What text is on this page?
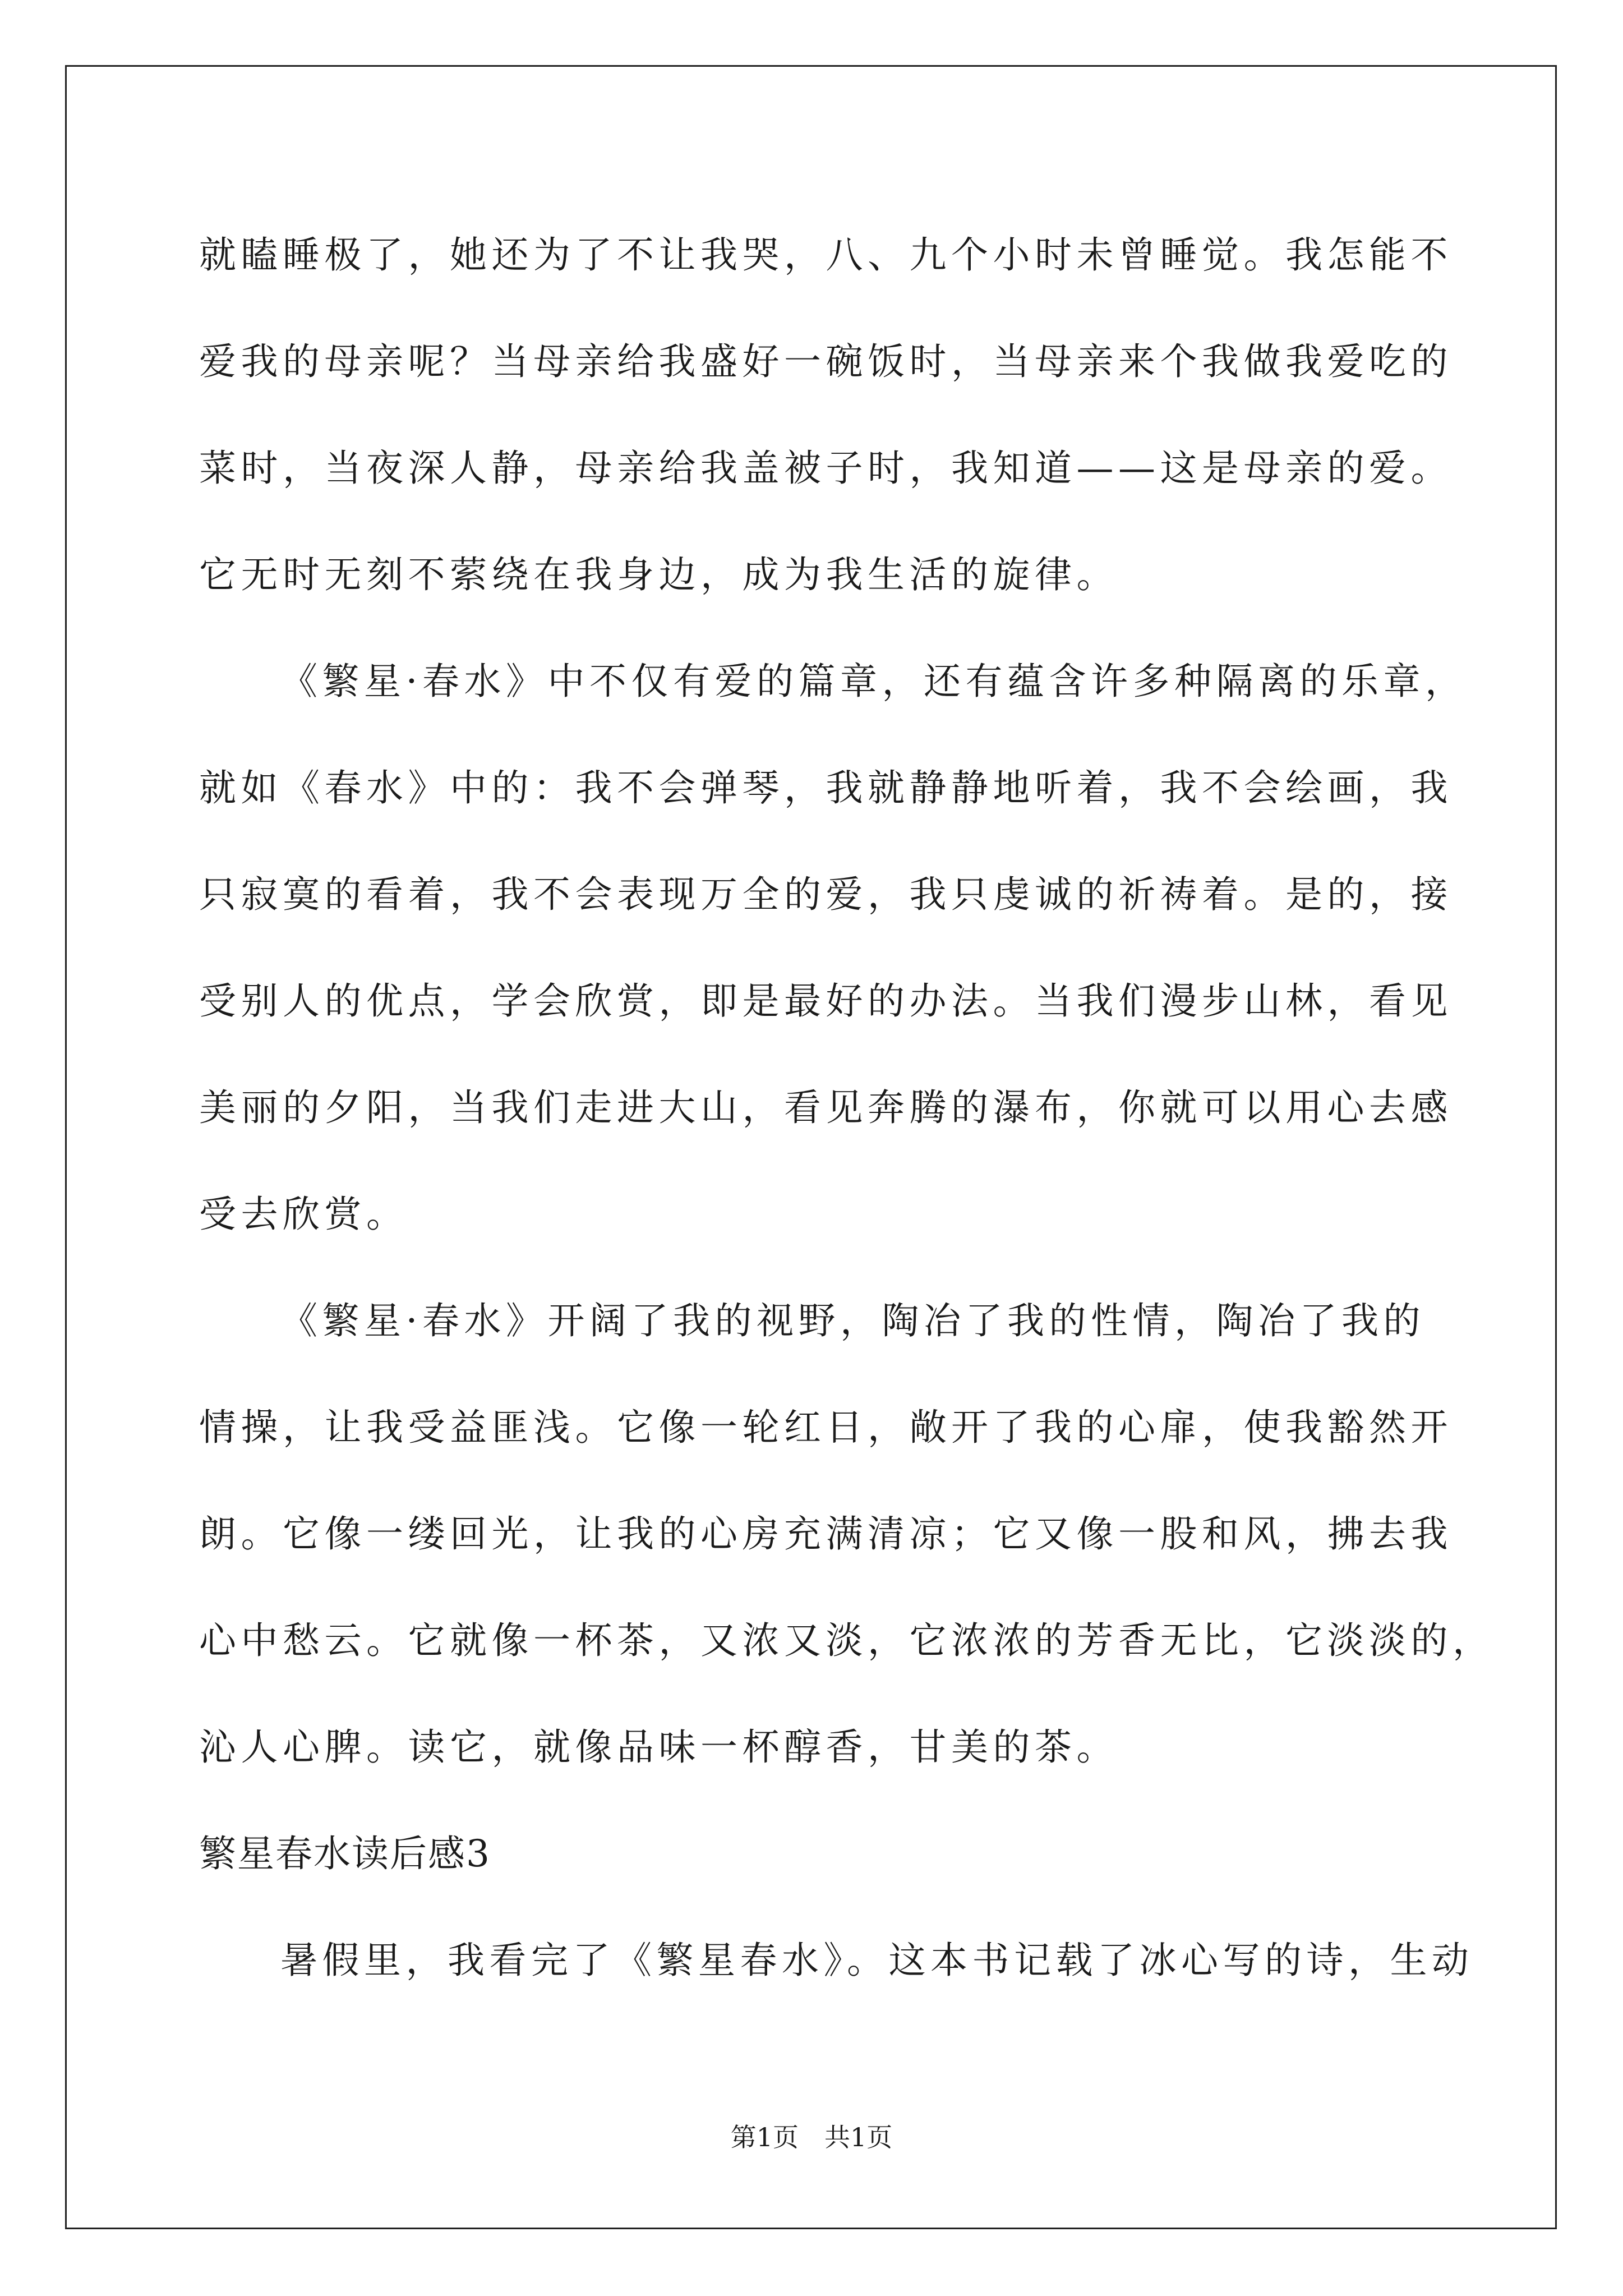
就瞌睡极了，她还为了不让我哭，八、九个小时未曾睡觉。我怎能不
爱我的母亲呢？当母亲给我盛好一碗饭时，当母亲来个我做我爱吃的
菜时，当夜深人静，母亲给我盖被子时，我知道——这是母亲的爱。
它无时无刻不萦绕在我身边，成为我生活的旋律。
《繁星·春水》中不仅有爱的篇章，还有蕴含许多种隔离的乐章，
就如《春水》中的：我不会弹琴，我就静静地听着，我不会绘画，我
只寂寞的看着，我不会表现万全的爱，我只虔诚的祈祷着。是的，接
受别人的优点，学会欣赏，即是最好的办法。当我们漫步山林，看见
美丽的夕阳，当我们走进大山，看见奔腾的瀑布，你就可以用心去感
受去欣赏。
《繁星·春水》开阔了我的视野，陶冶了我的性情，陶冶了我的
情操，让我受益匪浅。它像一轮红日，敞开了我的心扉，使我豁然开
朗。它像一缕回光，让我的心房充满清凉；它又像一股和风，拂去我
心中愁云。它就像一杯茶，又浓又淡，它浓浓的芳香无比，它淡淡的，
沁人心脾。读它，就像品味一杯醇香，甘美的茶。
繁星春水读后感3
暑假里，我看完了《繁星春水》。这本书记载了冰心写的诗，生动
第1页　共1页
